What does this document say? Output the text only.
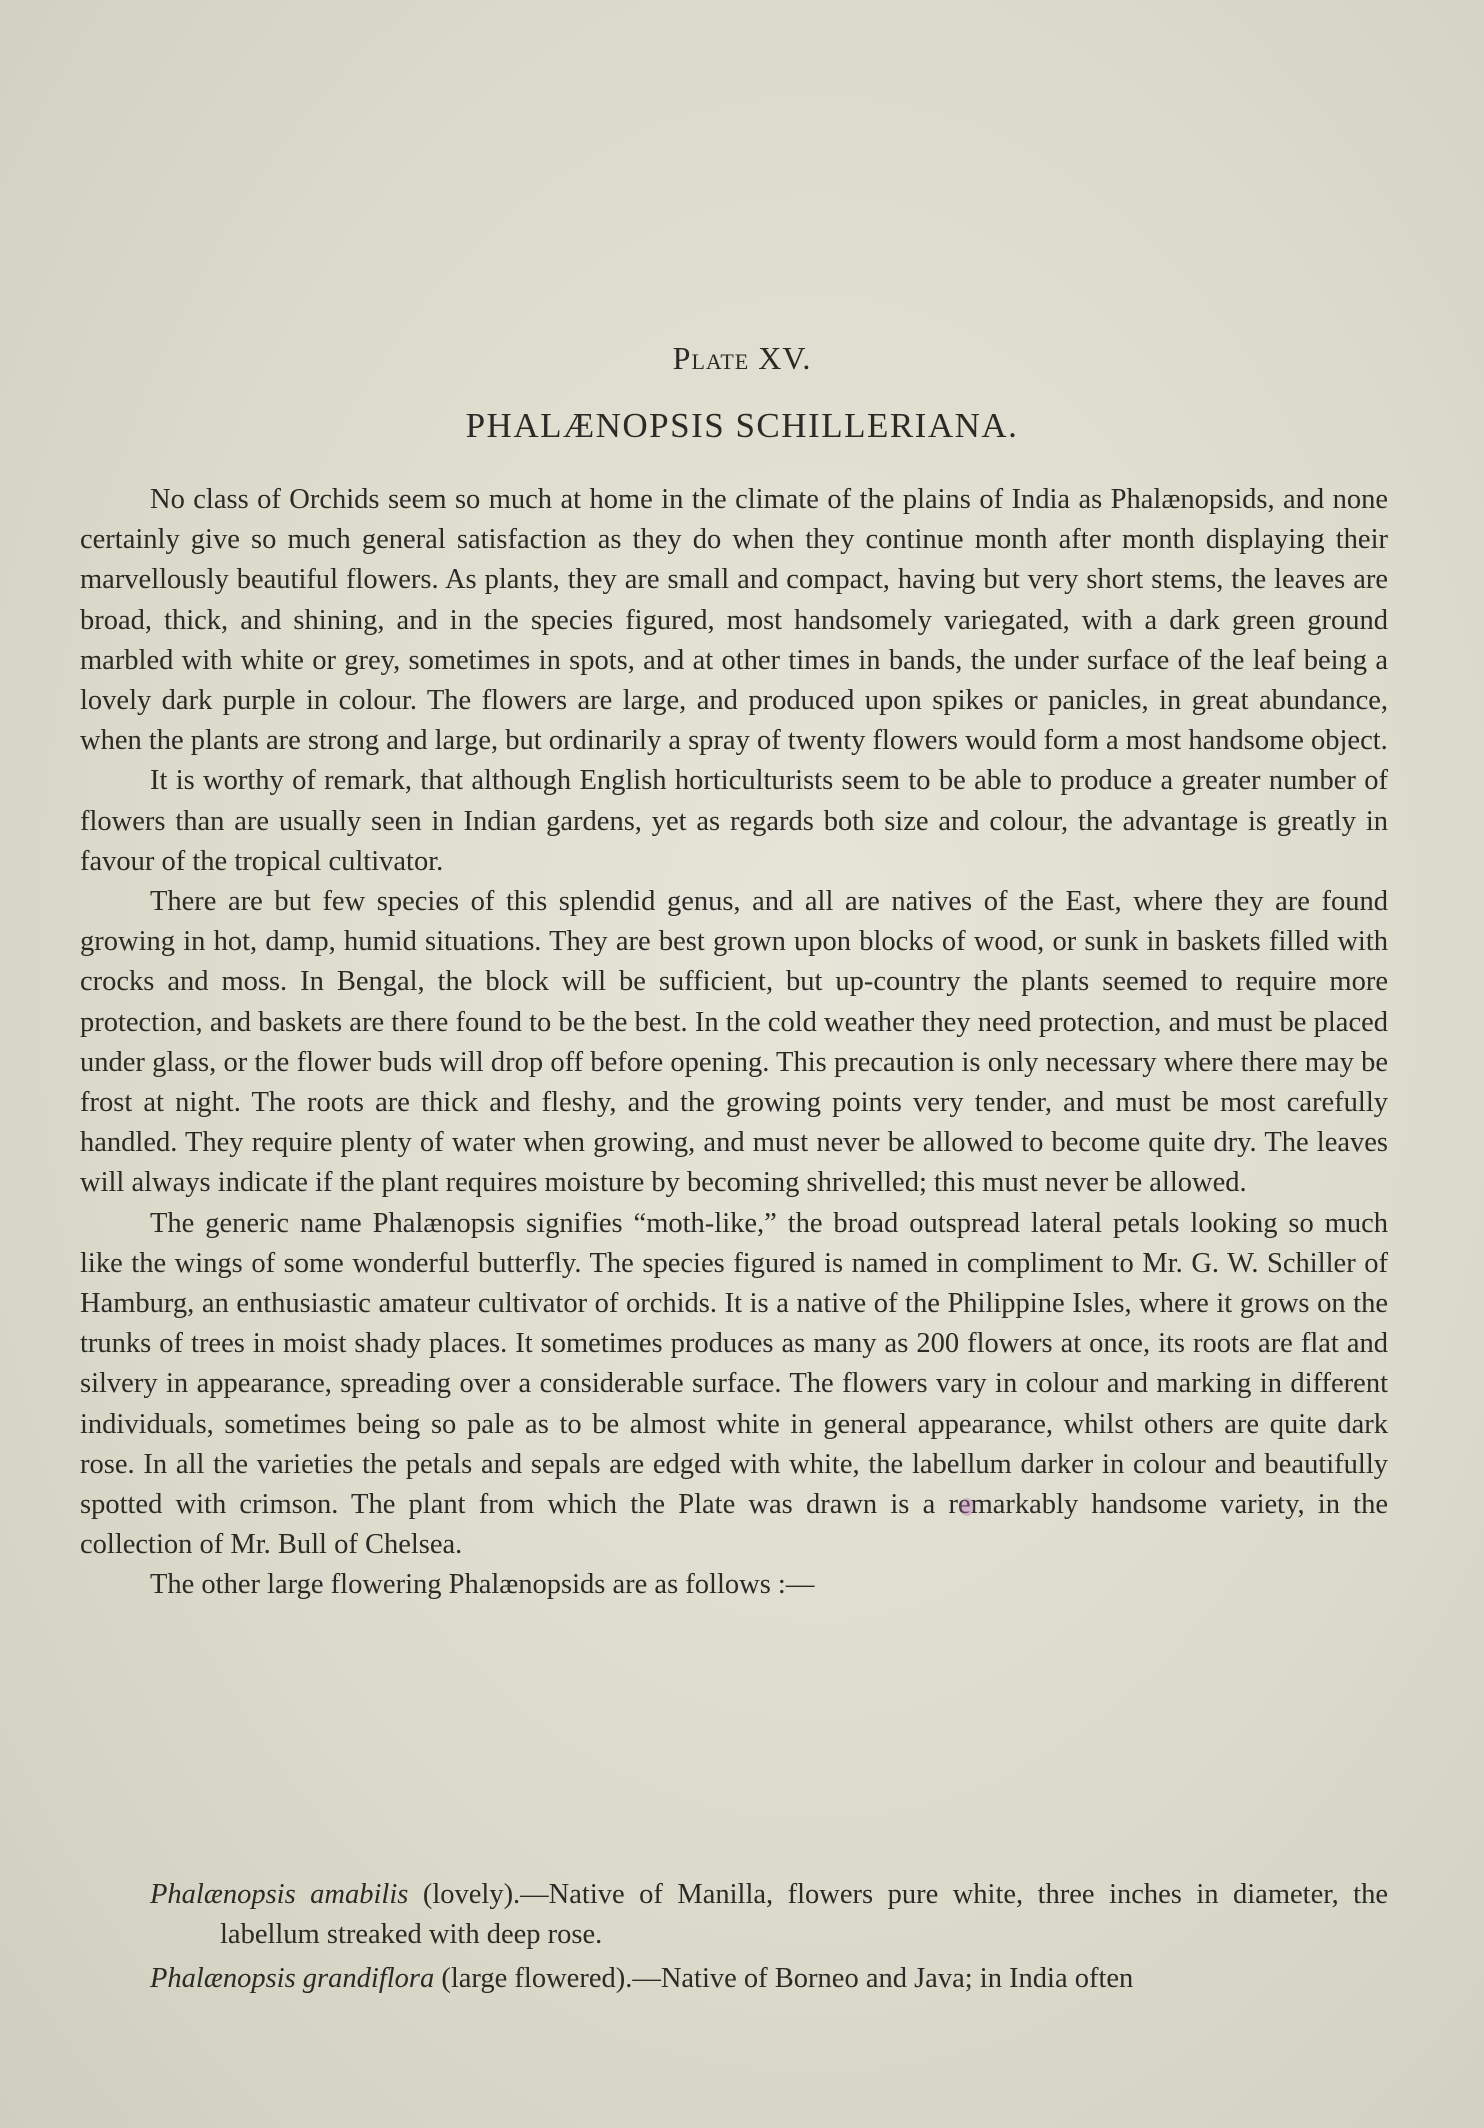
Plate XV.
PHALÆNOPSIS SCHILLERIANA.

No class of Orchids seem so much at home in the climate of the plains of India as Phalænopsids, and none certainly give so much general satisfaction as they do when they continue month after month displaying their marvellously beautiful flowers. As plants, they are small and compact, having but very short stems, the leaves are broad, thick, and shining, and in the species figured, most handsomely variegated, with a dark green ground marbled with white or grey, sometimes in spots, and at other times in bands, the under surface of the leaf being a lovely dark purple in colour. The flowers are large, and produced upon spikes or panicles, in great abundance, when the plants are strong and large, but ordinarily a spray of twenty flowers would form a most handsome object.

It is worthy of remark, that although English horticulturists seem to be able to produce a greater number of flowers than are usually seen in Indian gardens, yet as regards both size and colour, the advantage is greatly in favour of the tropical cultivator.

There are but few species of this splendid genus, and all are natives of the East, where they are found growing in hot, damp, humid situations. They are best grown upon blocks of wood, or sunk in baskets filled with crocks and moss. In Bengal, the block will be sufficient, but up-country the plants seemed to require more protection, and baskets are there found to be the best. In the cold weather they need protection, and must be placed under glass, or the flower buds will drop off before opening. This precaution is only necessary where there may be frost at night. The roots are thick and fleshy, and the growing points very tender, and must be most carefully handled. They require plenty of water when growing, and must never be allowed to become quite dry. The leaves will always indicate if the plant requires moisture by becoming shrivelled; this must never be allowed.

The generic name Phalænopsis signifies “moth-like,” the broad outspread lateral petals looking so much like the wings of some wonderful butterfly. The species figured is named in compliment to Mr. G. W. Schiller of Hamburg, an enthusiastic amateur cultivator of orchids. It is a native of the Philippine Isles, where it grows on the trunks of trees in moist shady places. It sometimes produces as many as 200 flowers at once, its roots are flat and silvery in appearance, spreading over a considerable surface. The flowers vary in colour and marking in different individuals, sometimes being so pale as to be almost white in general appearance, whilst others are quite dark rose. In all the varieties the petals and sepals are edged with white, the labellum darker in colour and beautifully spotted with crimson. The plant from which the Plate was drawn is a remarkably handsome variety, in the collection of Mr. Bull of Chelsea.

The other large flowering Phalænopsids are as follows :—

Phalænopsis amabilis (lovely).—Native of Manilla, flowers pure white, three inches in diameter, the labellum streaked with deep rose.

Phalænopsis grandiflora (large flowered).—Native of Borneo and Java; in India often
